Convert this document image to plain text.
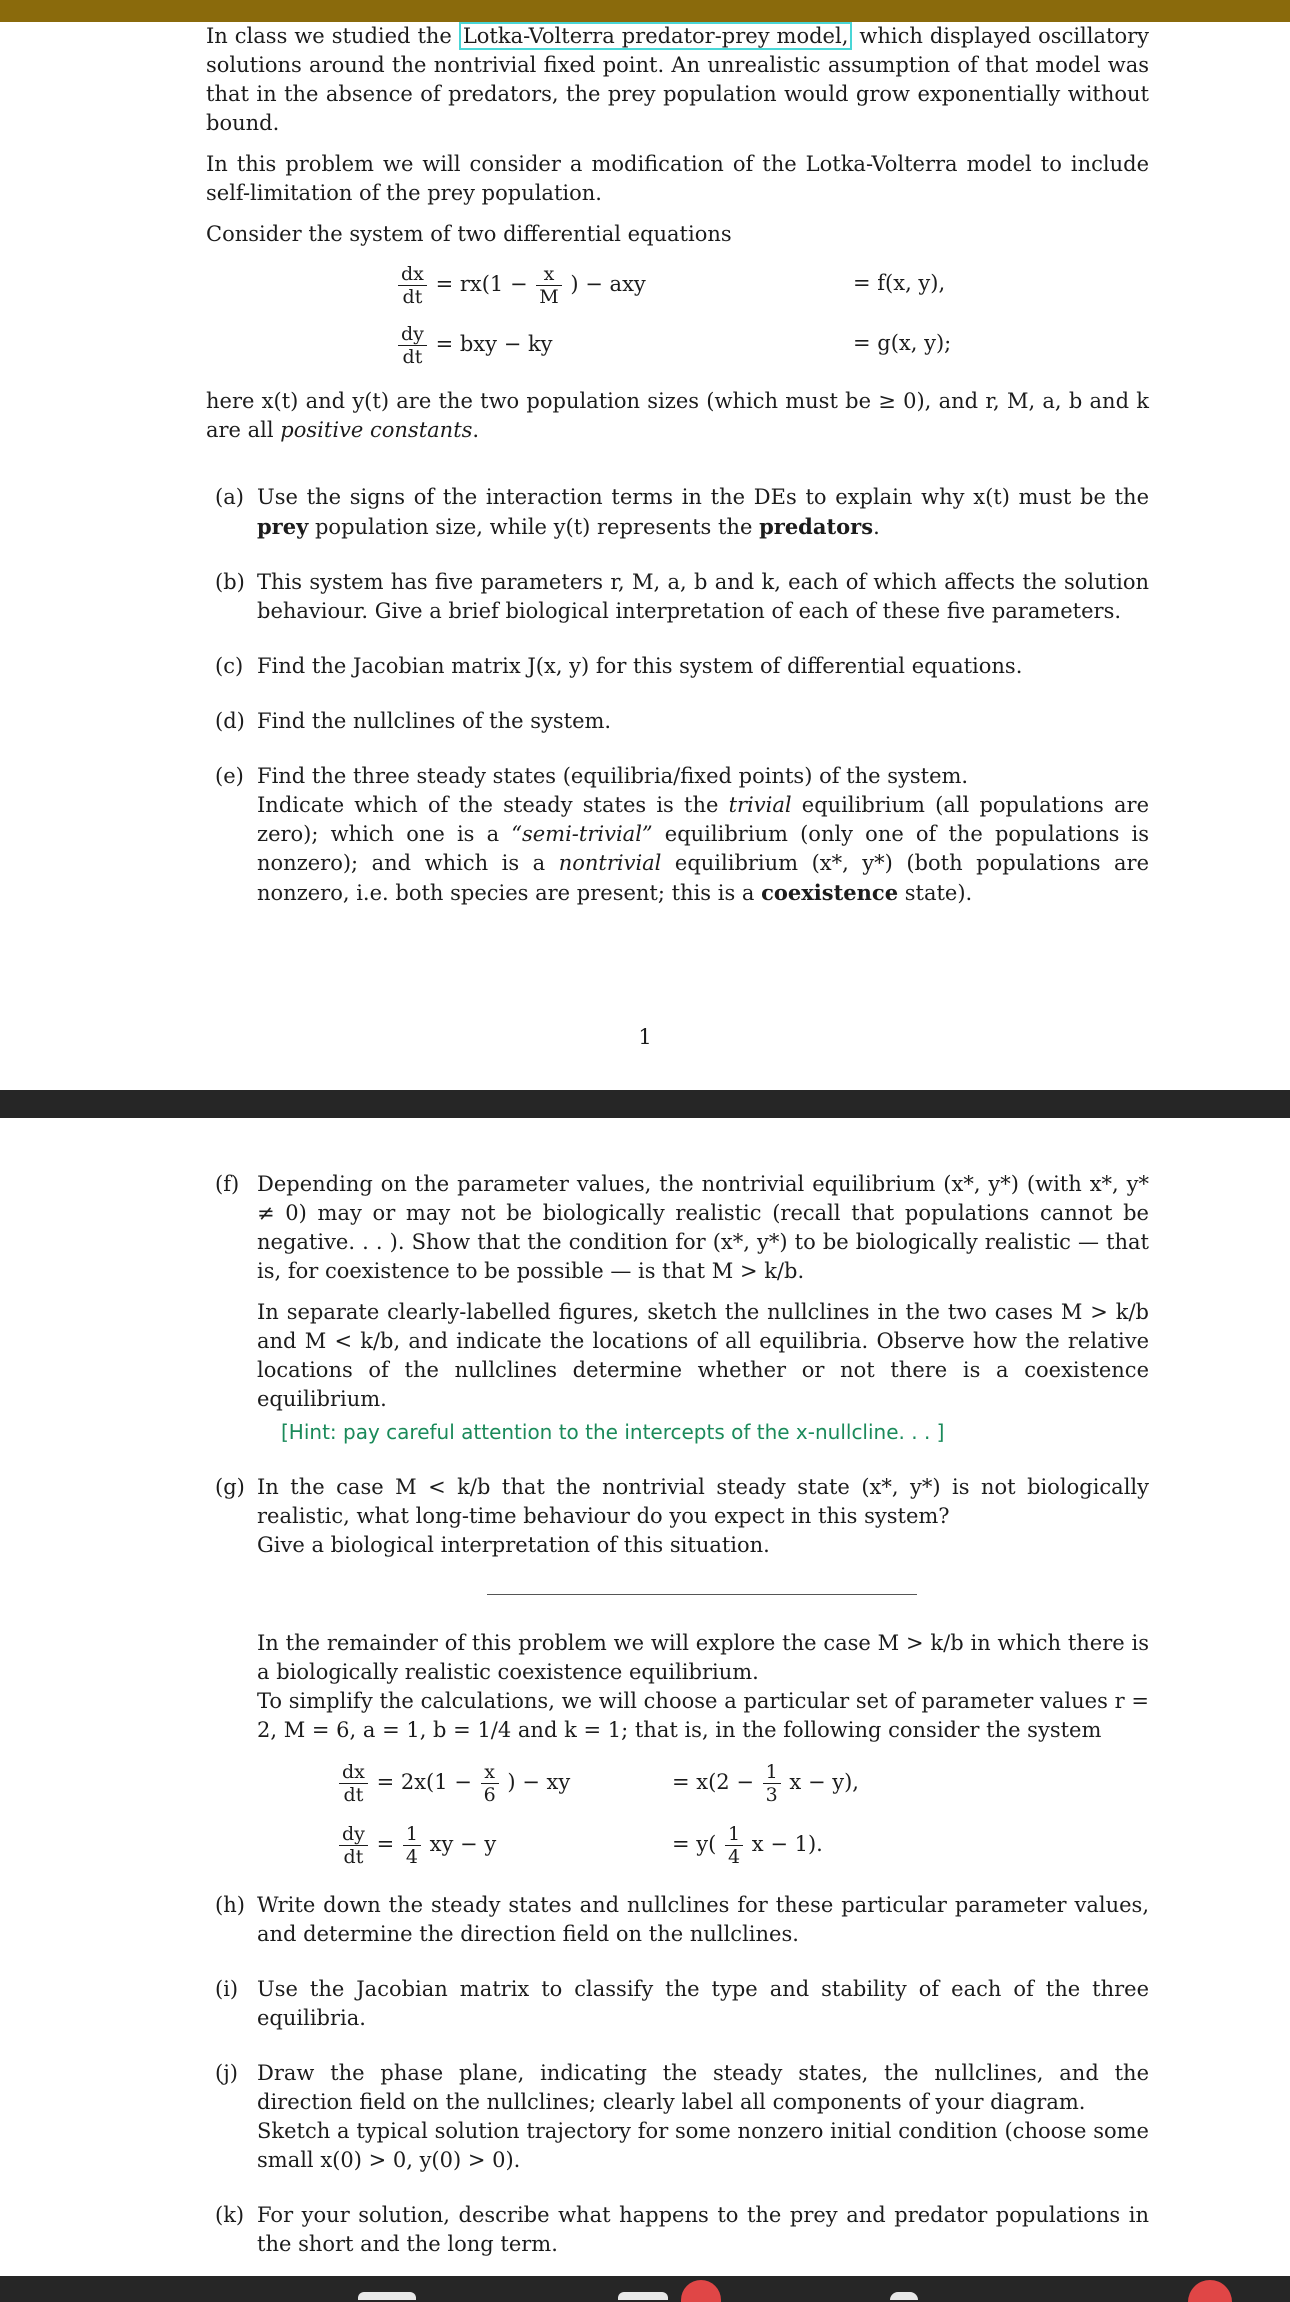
In class we studied the Lotka-Volterra predator-prey model, which displayed oscillatory solutions around the nontrivial fixed point. An unrealistic assumption of that model was that in the absence of predators, the prey population would grow exponentially without bound.

In this problem we will consider a modification of the Lotka-Volterra model to include self-limitation of the prey population.

Consider the system of two differential equations

$\frac{dx}{dt} = rx(1 - \frac{x}{M}$ ) − axy	= f(x, y),
$\frac{dy}{dt}$ = bxy − ky	= g(x, y);

here x(t) and y(t) are the two population sizes (which must be ≥ 0), and r, M, a, b and k are all positive constants.

(a) Use the signs of the interaction terms in the DEs to explain why x(t) must be the prey population size, while y(t) represents the predators.

(b) This system has five parameters r, M, a, b and k, each of which affects the solution behaviour. Give a brief biological interpretation of each of these five parameters.

(c) Find the Jacobian matrix J(x, y) for this system of differential equations.

(d) Find the nullclines of the system.

(e) Find the three steady states (equilibria/fixed points) of the system.
Indicate which of the steady states is the trivial equilibrium (all populations are zero); which one is a “semi-trivial” equilibrium (only one of the populations is nonzero); and which is a nontrivial equilibrium (x*, y*) (both populations are nonzero, i.e. both species are present; this is a coexistence state).
1
(f) Depending on the parameter values, the nontrivial equilibrium (x*, y*) (with x*, y* ≠ 0) may or may not be biologically realistic (recall that populations cannot be negative. . . ). Show that the condition for (x*, y*) to be biologically realistic — that is, for coexistence to be possible — is that M > k/b.

In separate clearly-labelled figures, sketch the nullclines in the two cases M > k/b and M < k/b, and indicate the locations of all equilibria. Observe how the relative locations of the nullclines determine whether or not there is a coexistence equilibrium.

[Hint: pay careful attention to the intercepts of the x-nullcline. . . ]

(g) In the case M < k/b that the nontrivial steady state (x*, y*) is not biologically realistic, what long-time behaviour do you expect in this system?
Give a biological interpretation of this situation.
In the remainder of this problem we will explore the case M > k/b in which there is a biologically realistic coexistence equilibrium.
To simplify the calculations, we will choose a particular set of parameter values r = 2, M = 6, a = 1, b = 1/4 and k = 1; that is, in the following consider the system
$\frac{dx}{dt} = 2x(1 - \frac{x}{6}$ ) − xy	= $x(2 - \frac{1}{3}$ x − y),
$\frac{dy}{dt} = \frac{1}{4}$ xy − y	= $y( \frac{1}{4}$ x − 1).

(h) Write down the steady states and nullclines for these particular parameter values, and determine the direction field on the nullclines.

(i) Use the Jacobian matrix to classify the type and stability of each of the three equilibria.

(j) Draw the phase plane, indicating the steady states, the nullclines, and the direction field on the nullclines; clearly label all components of your diagram.
Sketch a typical solution trajectory for some nonzero initial condition (choose some small x(0) > 0, y(0) > 0).

(k) For your solution, describe what happens to the prey and predator populations in the short and the long term.
